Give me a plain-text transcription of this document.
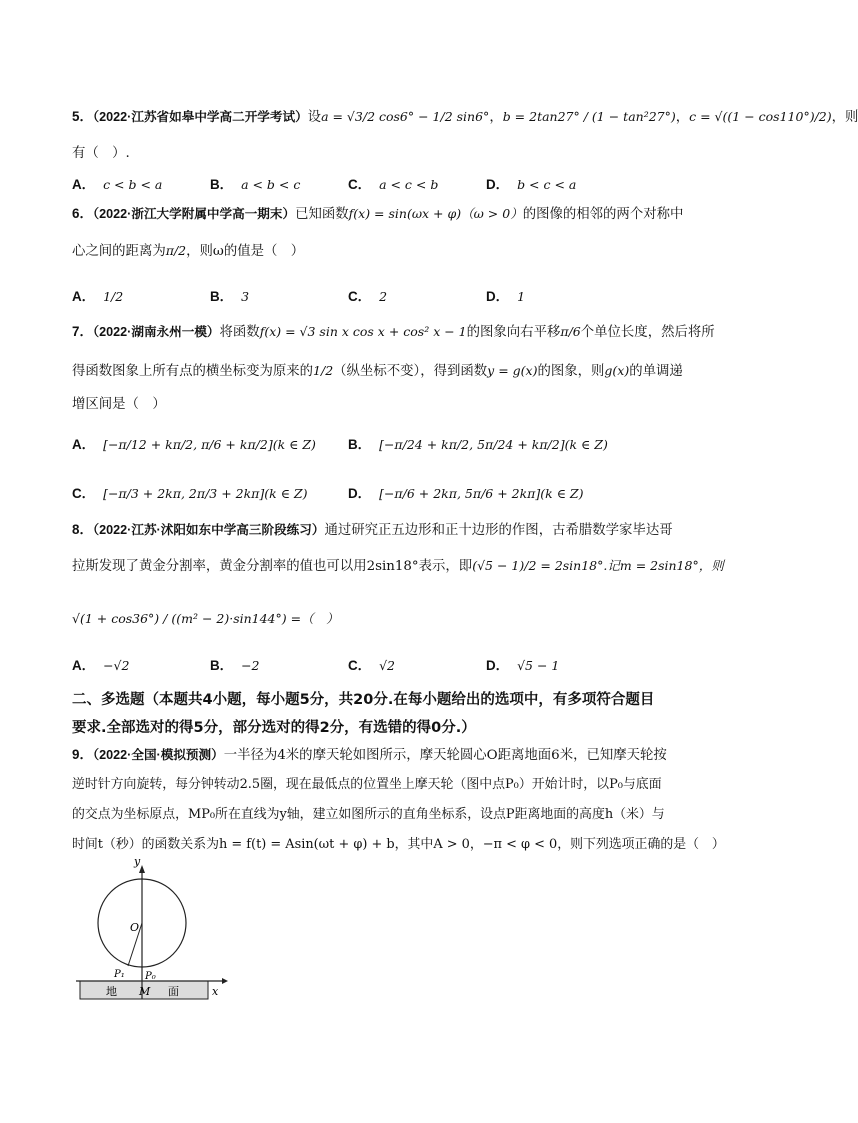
5．（2022·江苏省如皋中学高二开学考试）设a = √3/2 cos6° − 1/2 sin6°，b = 2tan27° / (1 − tan²27°)，c = √((1 − cos110°)/2)，则
有（　）.
A． c < b < a	B． a < b < c	C． a < c < b	D． b < c < a
6．（2022·浙江大学附属中学高一期末）已知函数f(x) = sin(ωx + φ)（ω > 0）的图像的相邻的两个对称中
心之间的距离为π/2，则ω的值是（　）
A． 1/2	B． 3	C． 2	D． 1
7．（2022·湖南永州一模）将函数f(x) = √3 sin x cos x + cos² x − 1的图象向右平移π/6个单位长度，然后将所
得函数图象上所有点的横坐标变为原来的1/2（纵坐标不变），得到函数y = g(x)的图象，则g(x)的单调递
增区间是（　）
A． [−π/12 + kπ/2, π/6 + kπ/2](k ∈ Z) B． [−π/24 + kπ/2, 5π/24 + kπ/2](k ∈ Z)
C． [−π/3 + 2kπ, 2π/3 + 2kπ](k ∈ Z)	D． [−π/6 + 2kπ, 5π/6 + 2kπ](k ∈ Z)
8．（2022·江苏·沭阳如东中学高三阶段练习）通过研究正五边形和正十边形的作图，古希腊数学家毕达哥
拉斯发现了黄金分割率，黄金分割率的值也可以用2sin18°表示，即(√5 − 1)/2 = 2sin18°.记m = 2sin18°，则
√(1 + cos36°) / ((m² − 2)·sin144°) =（　）
A． −√2	B． −2	C． √2	D． √5 − 1
二、多选题（本题共4小题，每小题5分，共20分.在每小题给出的选项中，有多项符合题目
要求.全部选对的得5分，部分选对的得2分，有选错的得0分.）
9．（2022·全国·模拟预测）一半径为4米的摩天轮如图所示，摩天轮圆心O距离地面6米，已知摩天轮按
逆时针方向旋转，每分钟转动2.5圈，现在最低点的位置坐上摩天轮（图中点P₀）开始计时，以P₀与底面
的交点为坐标原点，MP₀所在直线为y轴，建立如图所示的直角坐标系，设点P距离地面的高度h（米）与
时间t（秒）的函数关系为h = f(t) = Asin(ωt + φ) + b，其中A > 0，−π < φ < 0，则下列选项正确的是（　）
y
x
O
P₁ P₀
M
地	面
